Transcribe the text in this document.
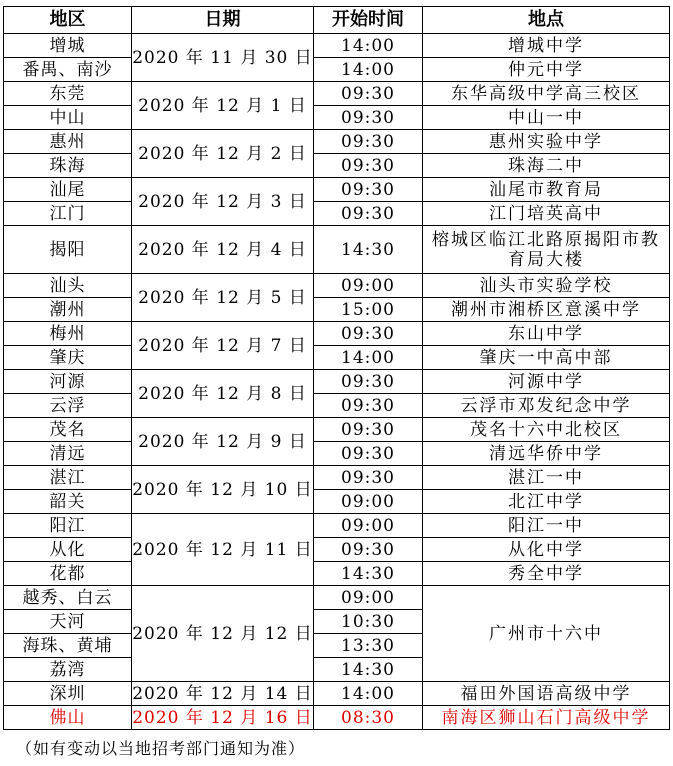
地区	日期	开始时间	地点
增城	2020 年 11 月 30 日	14:00	增城中学
番禺、南沙		14:00	仲元中学
东莞	2020 年 12 月 1 日	09:30	东华高级中学高三校区
中山		09:30	中山一中
惠州	2020 年 12 月 2 日	09:30	惠州实验中学
珠海		09:30	珠海二中
汕尾	2020 年 12 月 3 日	09:30	汕尾市教育局
江门		09:30	江门培英高中
揭阳	2020 年 12 月 4 日	14:30	榕城区临江北路原揭阳市教育局大楼
汕头	2020 年 12 月 5 日	09:00	汕头市实验学校
潮州		15:00	潮州市湘桥区意溪中学
梅州	2020 年 12 月 7 日	09:30	东山中学
肇庆		14:00	肇庆一中高中部
河源	2020 年 12 月 8 日	09:30	河源中学
云浮		09:30	云浮市邓发纪念中学
茂名	2020 年 12 月 9 日	09:30	茂名十六中北校区
清远		09:30	清远华侨中学
湛江	2020 年 12 月 10 日	09:30	湛江一中
韶关		09:00	北江中学
阳江	2020 年 12 月 11 日	09:00	阳江一中
从化		09:30	从化中学
花都		14:30	秀全中学
越秀、白云	2020 年 12 月 12 日	09:00	广州市十六中
天河		10:30	
海珠、黄埔		13:30	
荔湾		14:30	
深圳	2020 年 12 月 14 日	14:00	福田外国语高级中学
佛山	2020 年 12 月 16 日	08:30	南海区狮山石门高级中学
（如有变动以当地招考部门通知为准）
